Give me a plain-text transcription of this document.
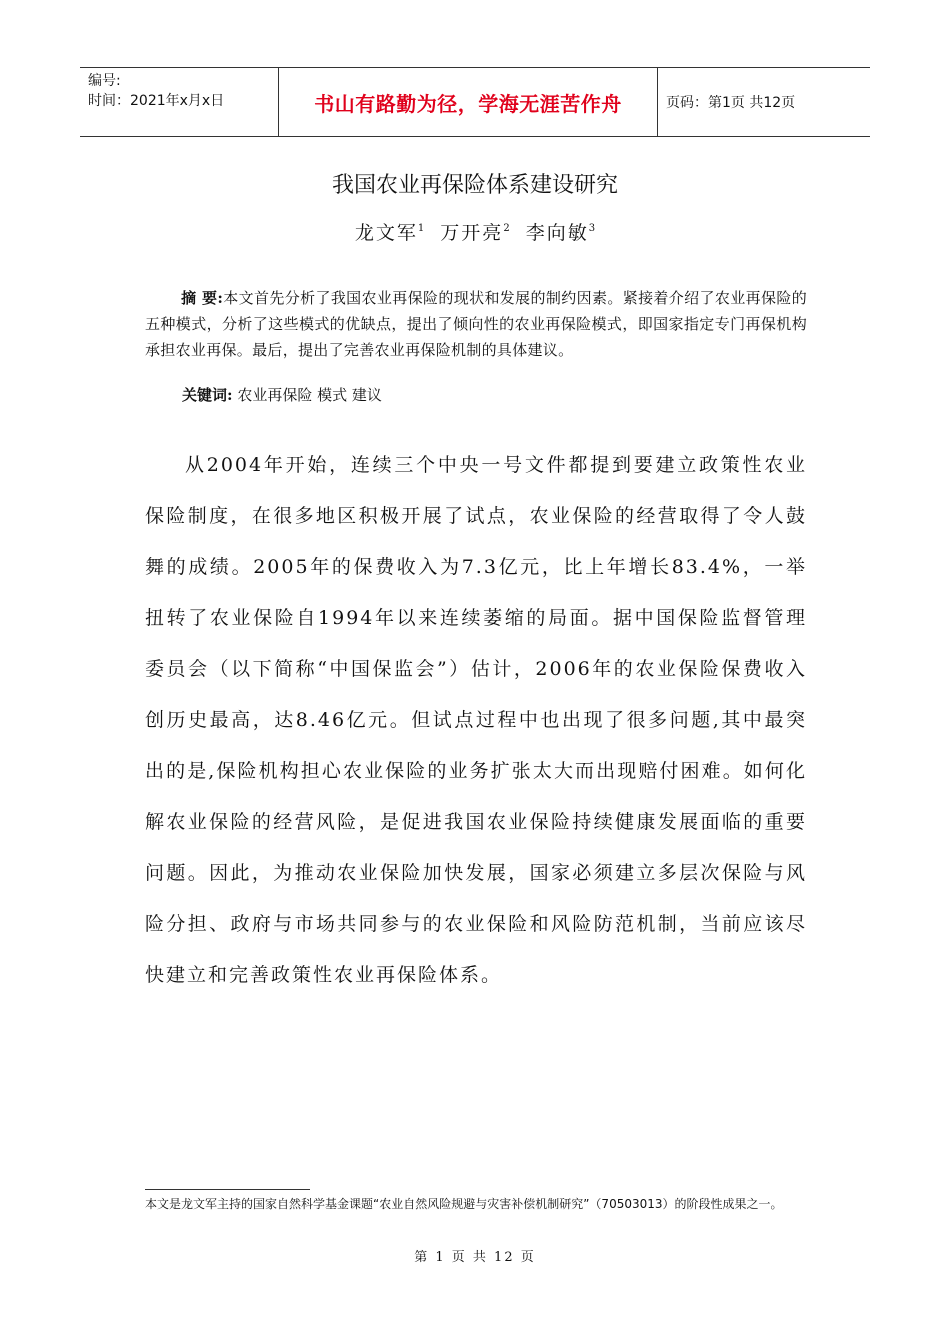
编号:
时间：2021年x月x日	书山有路勤为径，学海无涯苦作舟	页码：第1页 共12页
我国农业再保险体系建设研究
龙文军$^1$ 万开亮$^2$ 李向敏$^3$
摘 要:本文首先分析了我国农业再保险的现状和发展的制约因素。紧接着介绍了农业再保险的五种模式，分析了这些模式的优缺点，提出了倾向性的农业再保险模式，即国家指定专门再保机构承担农业再保。最后，提出了完善农业再保险机制的具体建议。
关键词: 农业再保险 模式 建议
从2004年开始，连续三个中央一号文件都提到要建立政策性农业保险制度，在很多地区积极开展了试点，农业保险的经营取得了令人鼓舞的成绩。2005年的保费收入为7.3亿元，比上年增长83.4%，一举扭转了农业保险自1994年以来连续萎缩的局面。据中国保险监督管理委员会（以下简称“中国保监会”）估计，2006年的农业保险保费收入创历史最高，达8.46亿元。但试点过程中也出现了很多问题,其中最突出的是,保险机构担心农业保险的业务扩张太大而出现赔付困难。如何化解农业保险的经营风险，是促进我国农业保险持续健康发展面临的重要问题。因此，为推动农业保险加快发展，国家必须建立多层次保险与风险分担、政府与市场共同参与的农业保险和风险防范机制，当前应该尽快建立和完善政策性农业再保险体系。
本文是龙文军主持的国家自然科学基金课题“农业自然风险规避与灾害补偿机制研究”（70503013）的阶段性成果之一。
第 1 页 共 12 页
